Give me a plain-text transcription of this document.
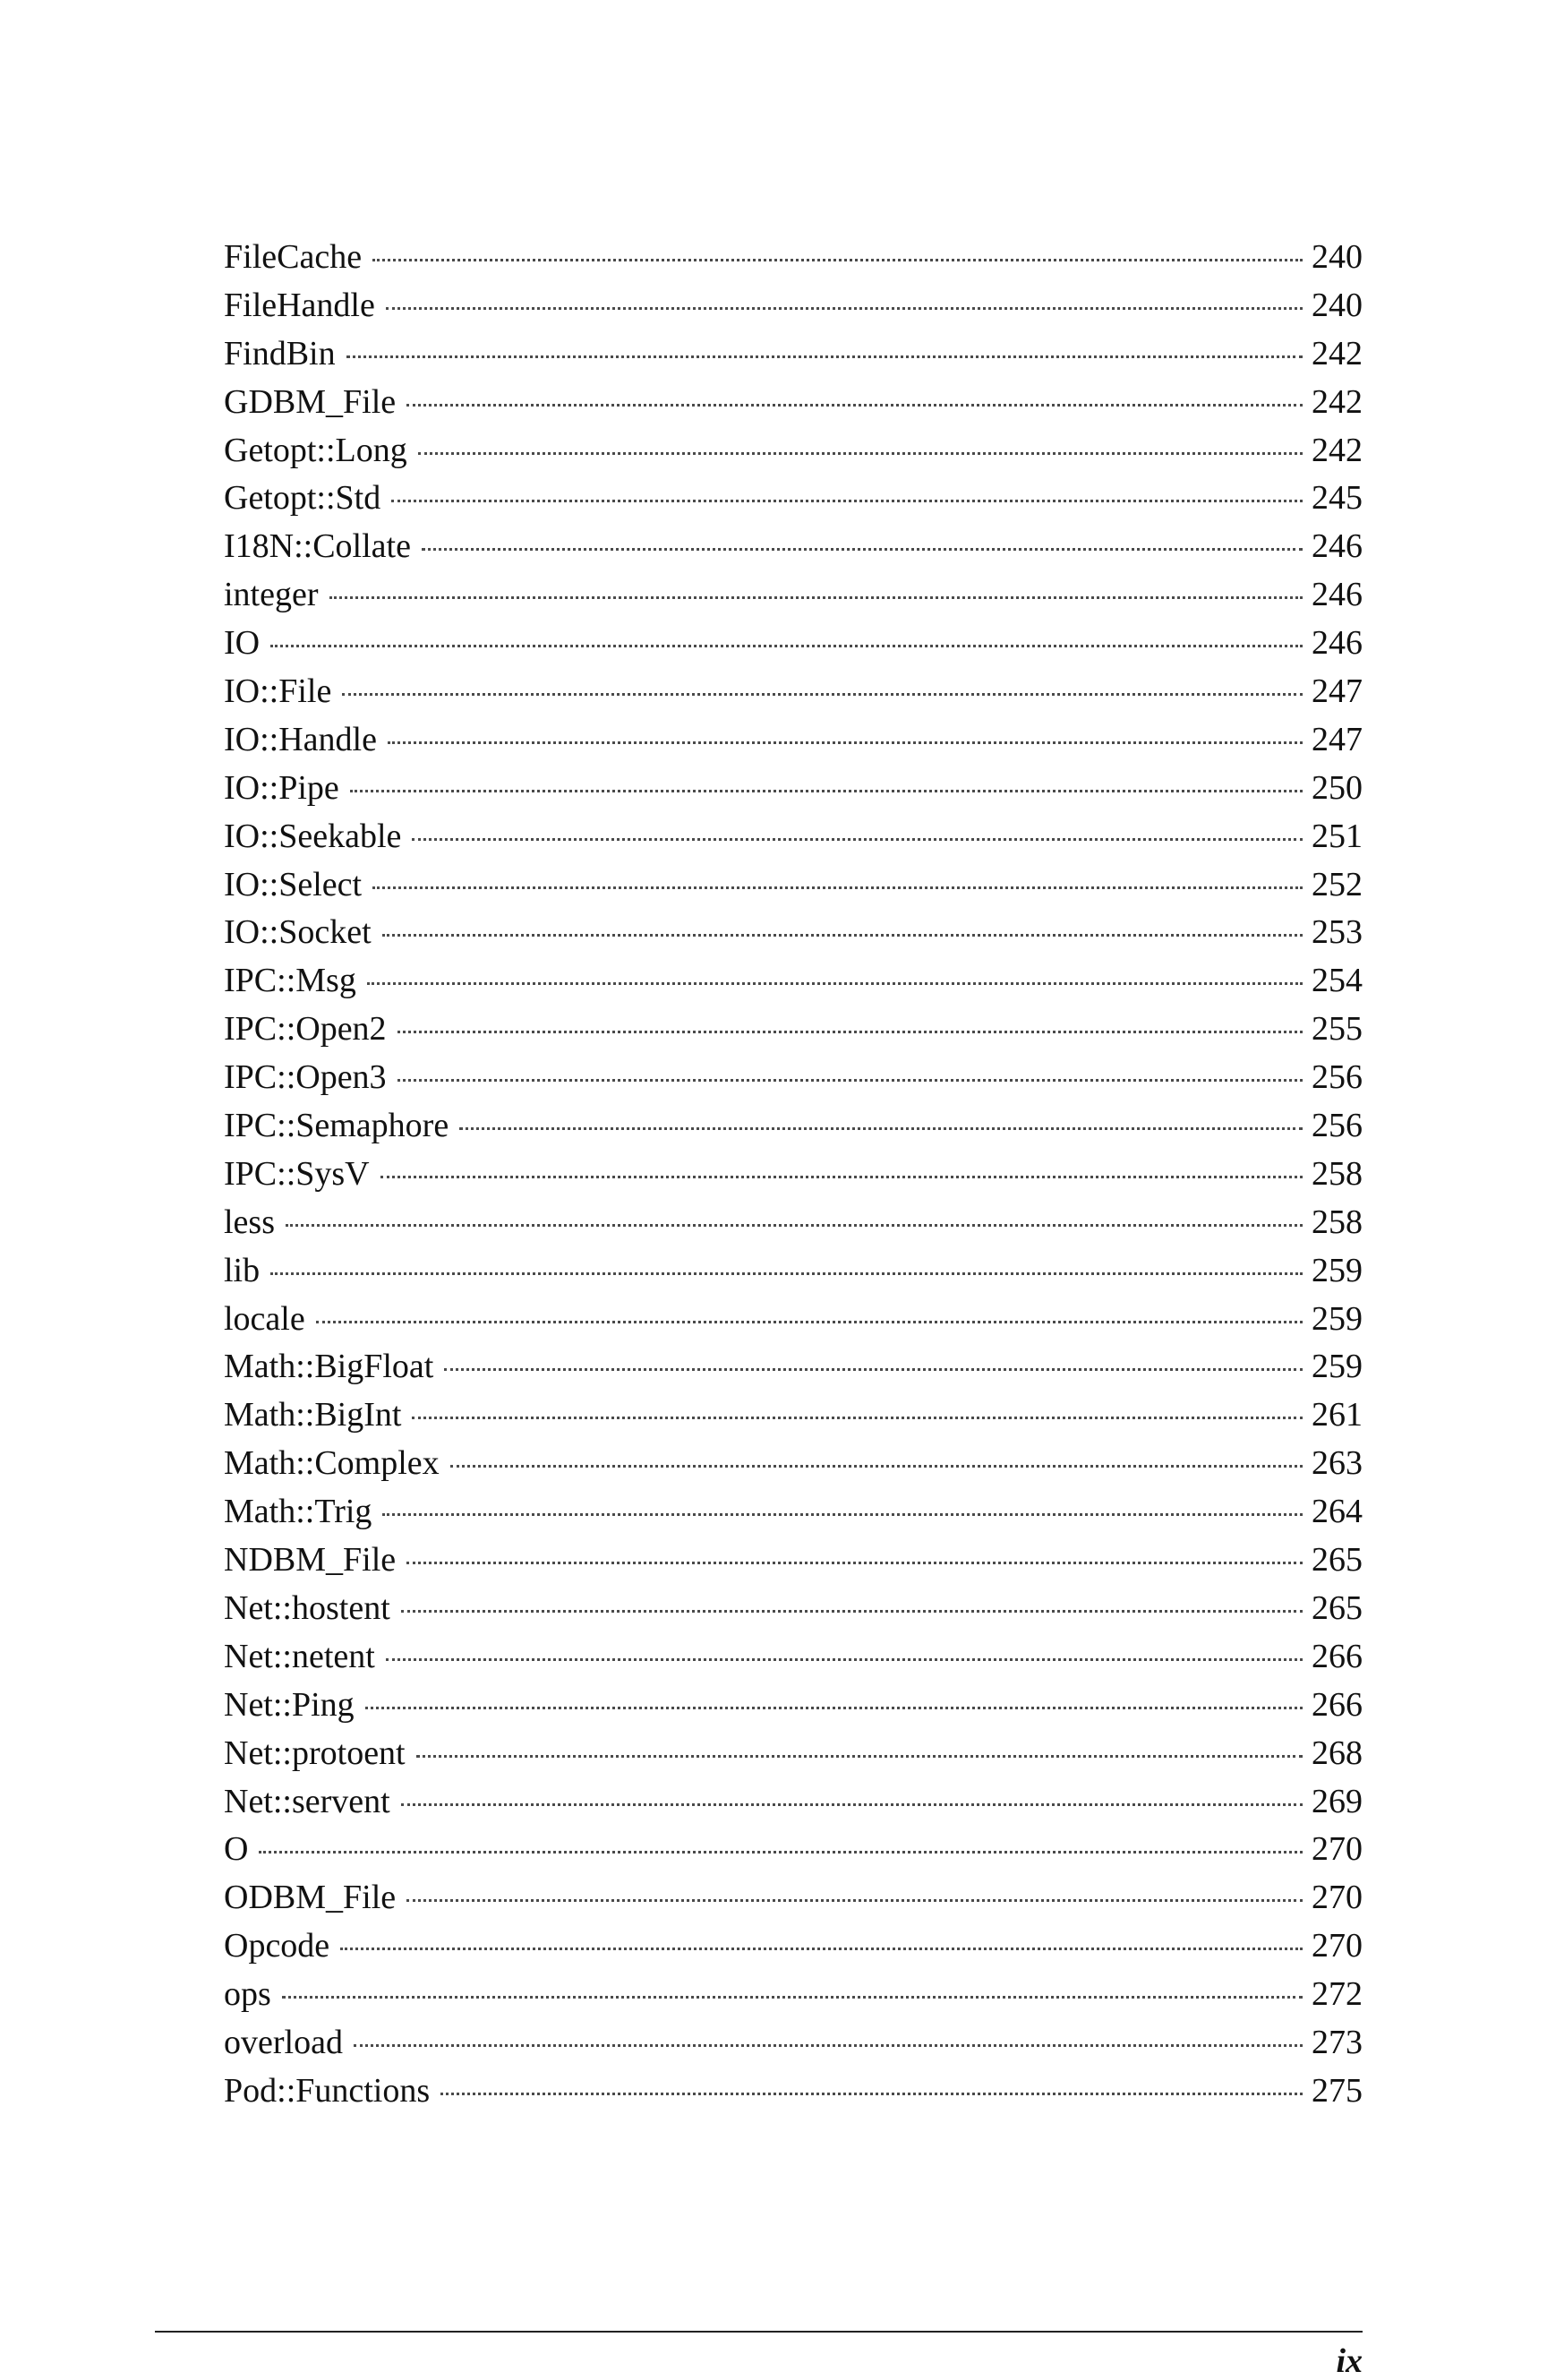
FileCache	240
FileHandle	240
FindBin	242
GDBM_File	242
Getopt::Long	242
Getopt::Std	245
I18N::Collate	246
integer	246
IO	246
IO::File	247
IO::Handle	247
IO::Pipe	250
IO::Seekable	251
IO::Select	252
IO::Socket	253
IPC::Msg	254
IPC::Open2	255
IPC::Open3	256
IPC::Semaphore	256
IPC::SysV	258
less	258
lib	259
locale	259
Math::BigFloat	259
Math::BigInt	261
Math::Complex	263
Math::Trig	264
NDBM_File	265
Net::hostent	265
Net::netent	266
Net::Ping	266
Net::protoent	268
Net::servent	269
O	270
ODBM_File	270
Opcode	270
ops	272
overload	273
Pod::Functions	275
ix
